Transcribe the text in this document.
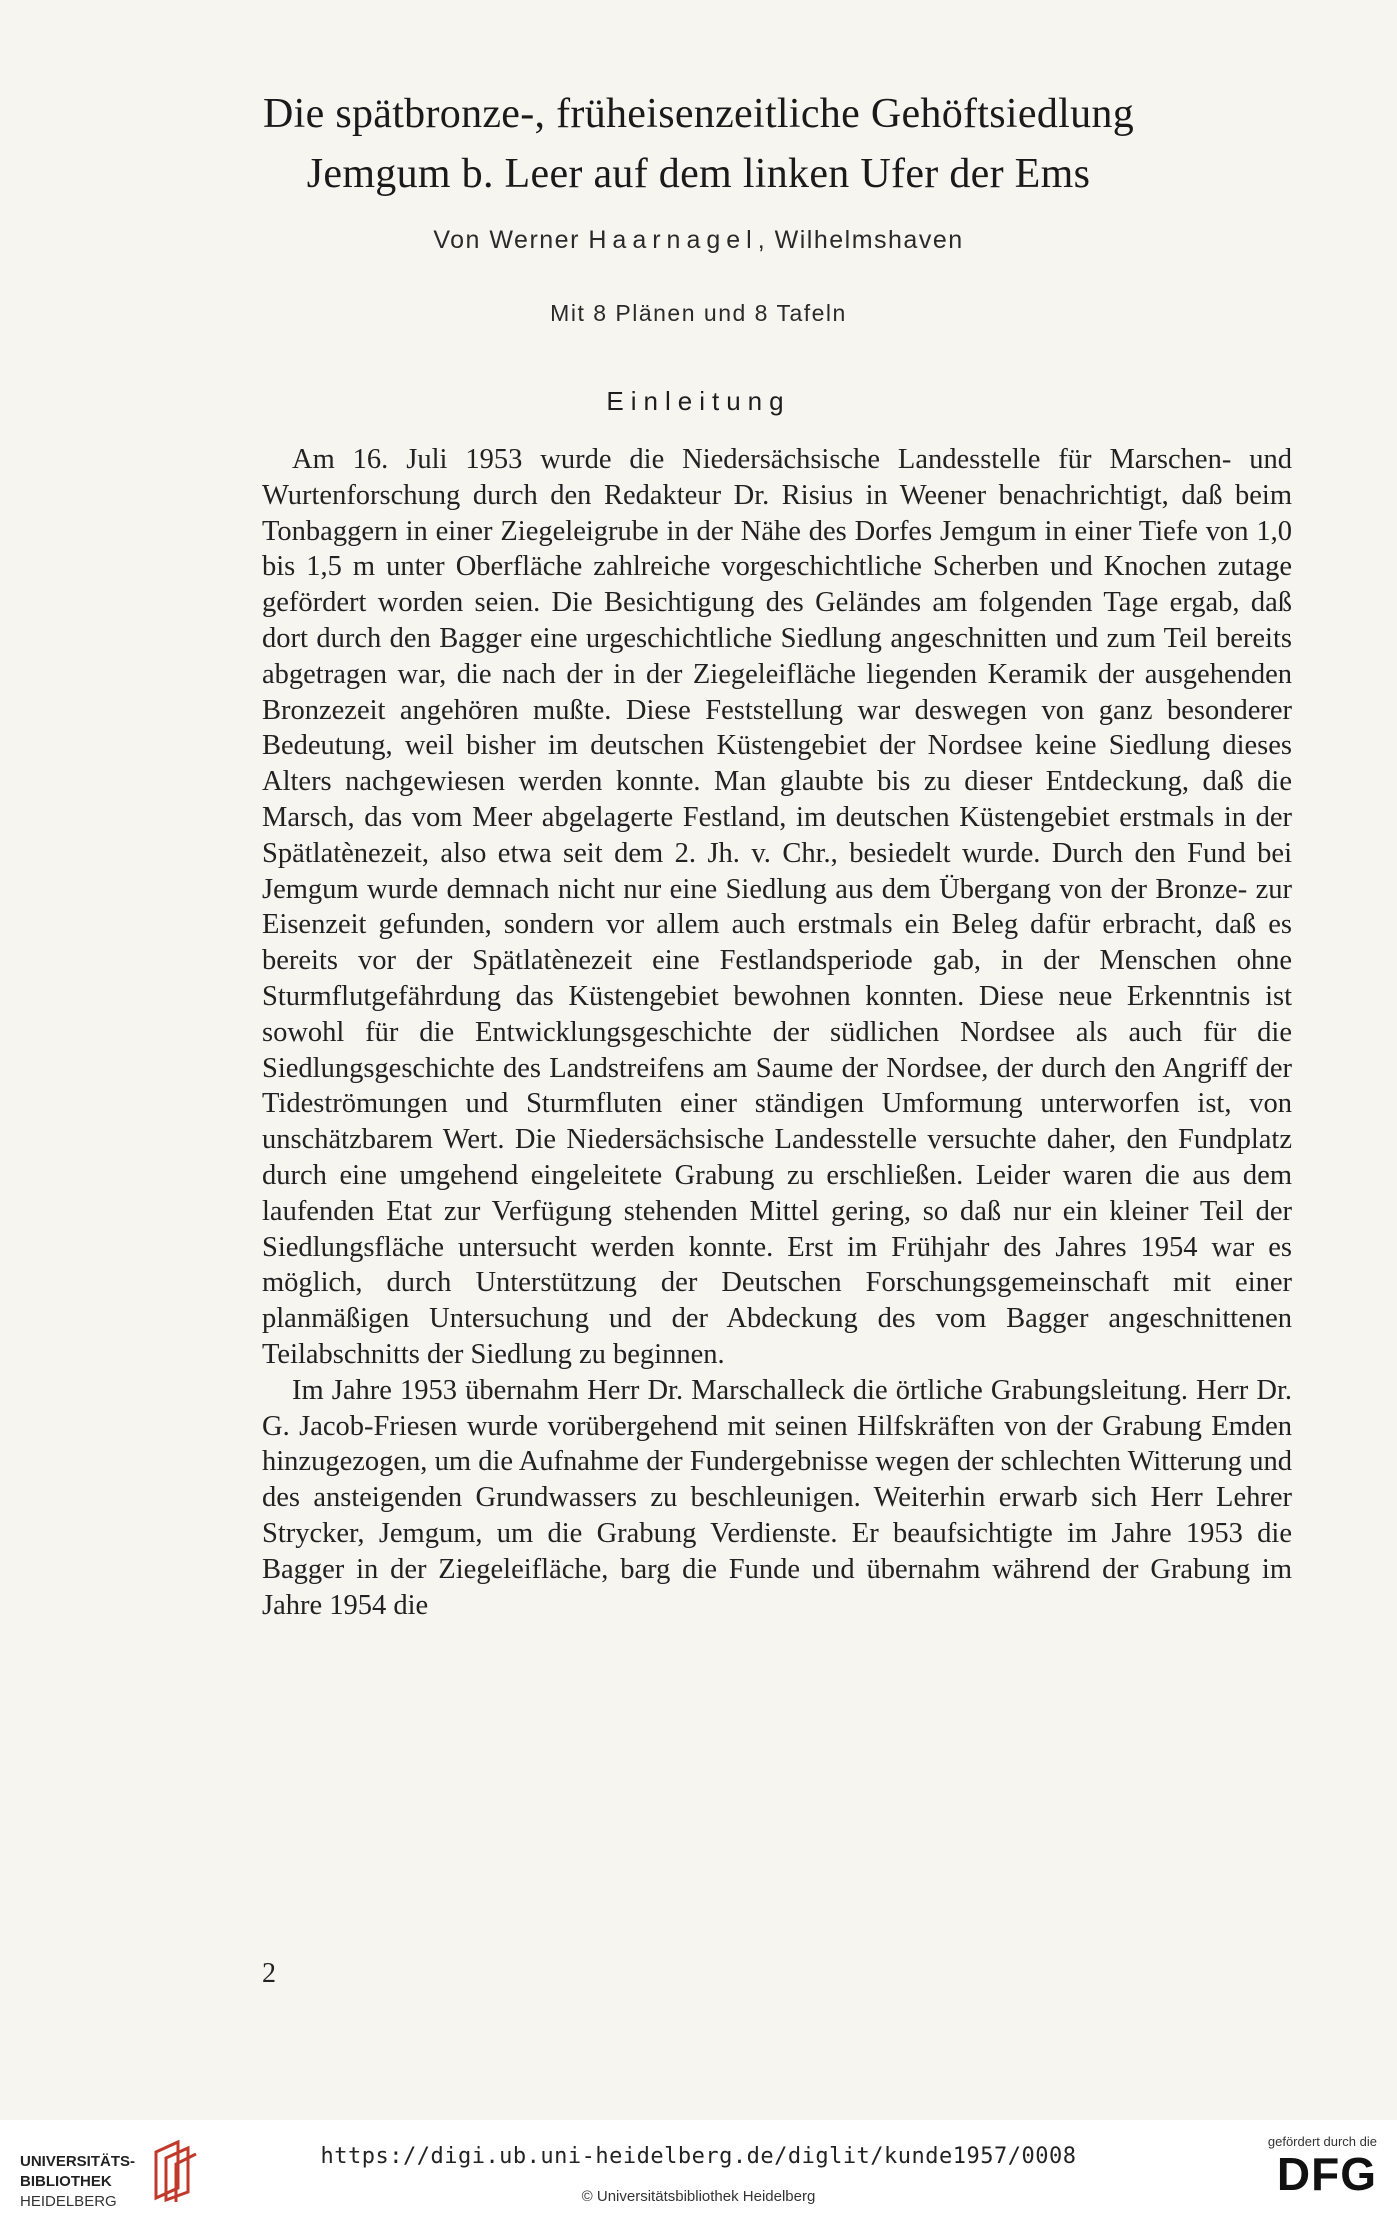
Die spätbronze-, früheisenzeitliche Gehöftsiedlung
Jemgum b. Leer auf dem linken Ufer der Ems
Von Werner Haarnagel, Wilhelmshaven
Mit 8 Plänen und 8 Tafeln
Einleitung

Am 16. Juli 1953 wurde die Niedersächsische Landesstelle für Marschen- und Wurtenforschung durch den Redakteur Dr. Risius in Weener benachrichtigt, daß beim Tonbaggern in einer Ziegeleigrube in der Nähe des Dorfes Jemgum in einer Tiefe von 1,0 bis 1,5 m unter Oberfläche zahlreiche vorgeschichtliche Scherben und Knochen zutage gefördert worden seien. Die Besichtigung des Geländes am folgenden Tage ergab, daß dort durch den Bagger eine urgeschichtliche Siedlung angeschnitten und zum Teil bereits abgetragen war, die nach der in der Ziegeleifläche liegenden Keramik der ausgehenden Bronzezeit angehören mußte. Diese Feststellung war deswegen von ganz besonderer Bedeutung, weil bisher im deutschen Küstengebiet der Nordsee keine Siedlung dieses Alters nachgewiesen werden konnte. Man glaubte bis zu dieser Entdeckung, daß die Marsch, das vom Meer abgelagerte Festland, im deutschen Küstengebiet erstmals in der Spätlatènezeit, also etwa seit dem 2. Jh. v. Chr., besiedelt wurde. Durch den Fund bei Jemgum wurde demnach nicht nur eine Siedlung aus dem Übergang von der Bronze- zur Eisenzeit gefunden, sondern vor allem auch erstmals ein Beleg dafür erbracht, daß es bereits vor der Spätlatènezeit eine Festlandsperiode gab, in der Menschen ohne Sturmflutgefährdung das Küstengebiet bewohnen konnten. Diese neue Erkenntnis ist sowohl für die Entwicklungsgeschichte der südlichen Nordsee als auch für die Siedlungsgeschichte des Landstreifens am Saume der Nordsee, der durch den Angriff der Tideströmungen und Sturmfluten einer ständigen Umformung unterworfen ist, von unschätzbarem Wert. Die Niedersächsische Landesstelle versuchte daher, den Fundplatz durch eine umgehend eingeleitete Grabung zu erschließen. Leider waren die aus dem laufenden Etat zur Verfügung stehenden Mittel gering, so daß nur ein kleiner Teil der Siedlungsfläche untersucht werden konnte. Erst im Frühjahr des Jahres 1954 war es möglich, durch Unterstützung der Deutschen Forschungsgemeinschaft mit einer planmäßigen Untersuchung und der Abdeckung des vom Bagger angeschnittenen Teilabschnitts der Siedlung zu beginnen.

Im Jahre 1953 übernahm Herr Dr. Marschalleck die örtliche Grabungsleitung. Herr Dr. G. Jacob-Friesen wurde vorübergehend mit seinen Hilfskräften von der Grabung Emden hinzugezogen, um die Aufnahme der Fundergebnisse wegen der schlechten Witterung und des ansteigenden Grundwassers zu beschleunigen. Weiterhin erwarb sich Herr Lehrer Strycker, Jemgum, um die Grabung Verdienste. Er beaufsichtigte im Jahre 1953 die Bagger in der Ziegeleifläche, barg die Funde und übernahm während der Grabung im Jahre 1954 die

2
UNIVERSITÄTS-
BIBLIOTHEK
HEIDELBERG
https://digi.ub.uni-heidelberg.de/diglit/kunde1957/0008
© Universitätsbibliothek Heidelberg
gefördert durch die
DFG
